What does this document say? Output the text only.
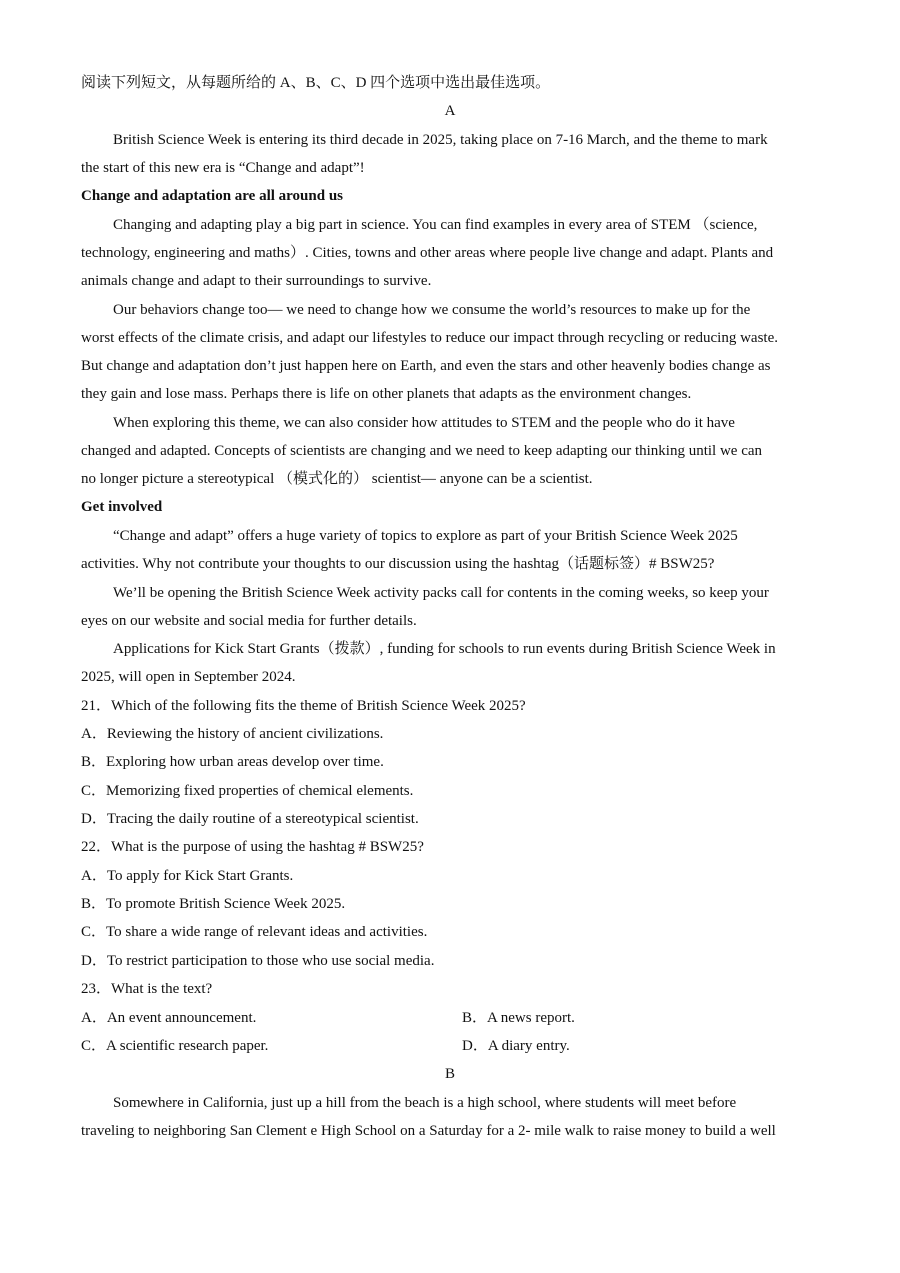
阅读下列短文，从每题所给的 A、B、C、D 四个选项中选出最佳选项。
A
British Science Week is entering its third decade in 2025, taking place on 7-16 March, and the theme to mark
the start of this new era is “Change and adapt”!
Change and adaptation are all around us
Changing and adapting play a big part in science. You can find examples in every area of STEM （science,
technology, engineering and maths）. Cities, towns and other areas where people live change and adapt. Plants and
animals change and adapt to their surroundings to survive.
Our behaviors change too— we need to change how we consume the world’s resources to make up for the
worst effects of the climate crisis, and adapt our lifestyles to reduce our impact through recycling or reducing waste.
But change and adaptation don’t just happen here on Earth, and even the stars and other heavenly bodies change as
they gain and lose mass. Perhaps there is life on other planets that adapts as the environment changes.
When exploring this theme, we can also consider how attitudes to STEM and the people who do it have
changed and adapted. Concepts of scientists are changing and we need to keep adapting our thinking until we can
no longer picture a stereotypical （模式化的） scientist— anyone can be a scientist.
Get involved
“Change and adapt” offers a huge variety of topics to explore as part of your British Science Week 2025
activities. Why not contribute your thoughts to our discussion using the hashtag（话题标签）# BSW25?
We’ll be opening the British Science Week activity packs call for contents in the coming weeks, so keep your
eyes on our website and social media for further details.
Applications for Kick Start Grants（拨款）, funding for schools to run events during British Science Week in
2025, will open in September 2024.
21．Which of the following fits the theme of British Science Week 2025?
A．Reviewing the history of ancient civilizations.
B．Exploring how urban areas develop over time.
C．Memorizing fixed properties of chemical elements.
D．Tracing the daily routine of a stereotypical scientist.
22．What is the purpose of using the hashtag # BSW25?
A．To apply for Kick Start Grants.
B．To promote British Science Week 2025.
C．To share a wide range of relevant ideas and activities.
D．To restrict participation to those who use social media.
23．What is the text?
A．An event announcement.	B．A news report.
C．A scientific research paper.	D．A diary entry.
B
Somewhere in California, just up a hill from the beach is a high school, where students will meet before
traveling to neighboring San Clement e High School on a Saturday for a 2- mile walk to raise money to build a well
